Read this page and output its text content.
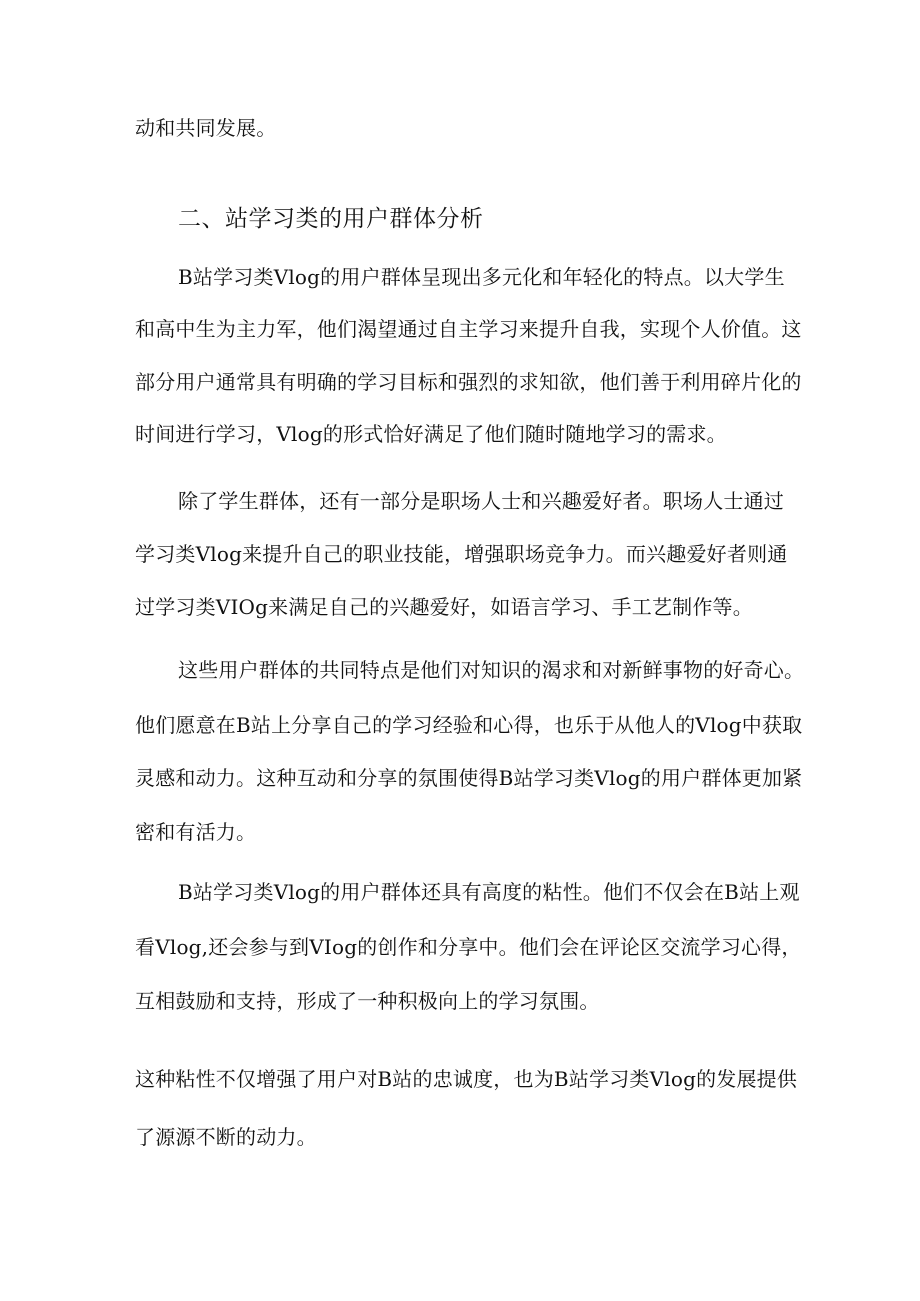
动和共同发展。

二、站学习类的用户群体分析

B站学习类Vlog的用户群体呈现出多元化和年轻化的特点。以大学生

和高中生为主力军，他们渴望通过自主学习来提升自我，实现个人价值。这

部分用户通常具有明确的学习目标和强烈的求知欲，他们善于利用碎片化的

时间进行学习，Vlog的形式恰好满足了他们随时随地学习的需求。

除了学生群体，还有一部分是职场人士和兴趣爱好者。职场人士通过

学习类Vlog来提升自己的职业技能，增强职场竞争力。而兴趣爱好者则通

过学习类VIOg来满足自己的兴趣爱好，如语言学习、手工艺制作等。

这些用户群体的共同特点是他们对知识的渴求和对新鲜事物的好奇心。

他们愿意在B站上分享自己的学习经验和心得，也乐于从他人的Vlog中获取

灵感和动力。这种互动和分享的氛围使得B站学习类Vlog的用户群体更加紧

密和有活力。

B站学习类Vlog的用户群体还具有高度的粘性。他们不仅会在B站上观

看Vlog,还会参与到VIog的创作和分享中。他们会在评论区交流学习心得，

互相鼓励和支持，形成了一种积极向上的学习氛围。

这种粘性不仅增强了用户对B站的忠诚度，也为B站学习类Vlog的发展提供

了源源不断的动力。
